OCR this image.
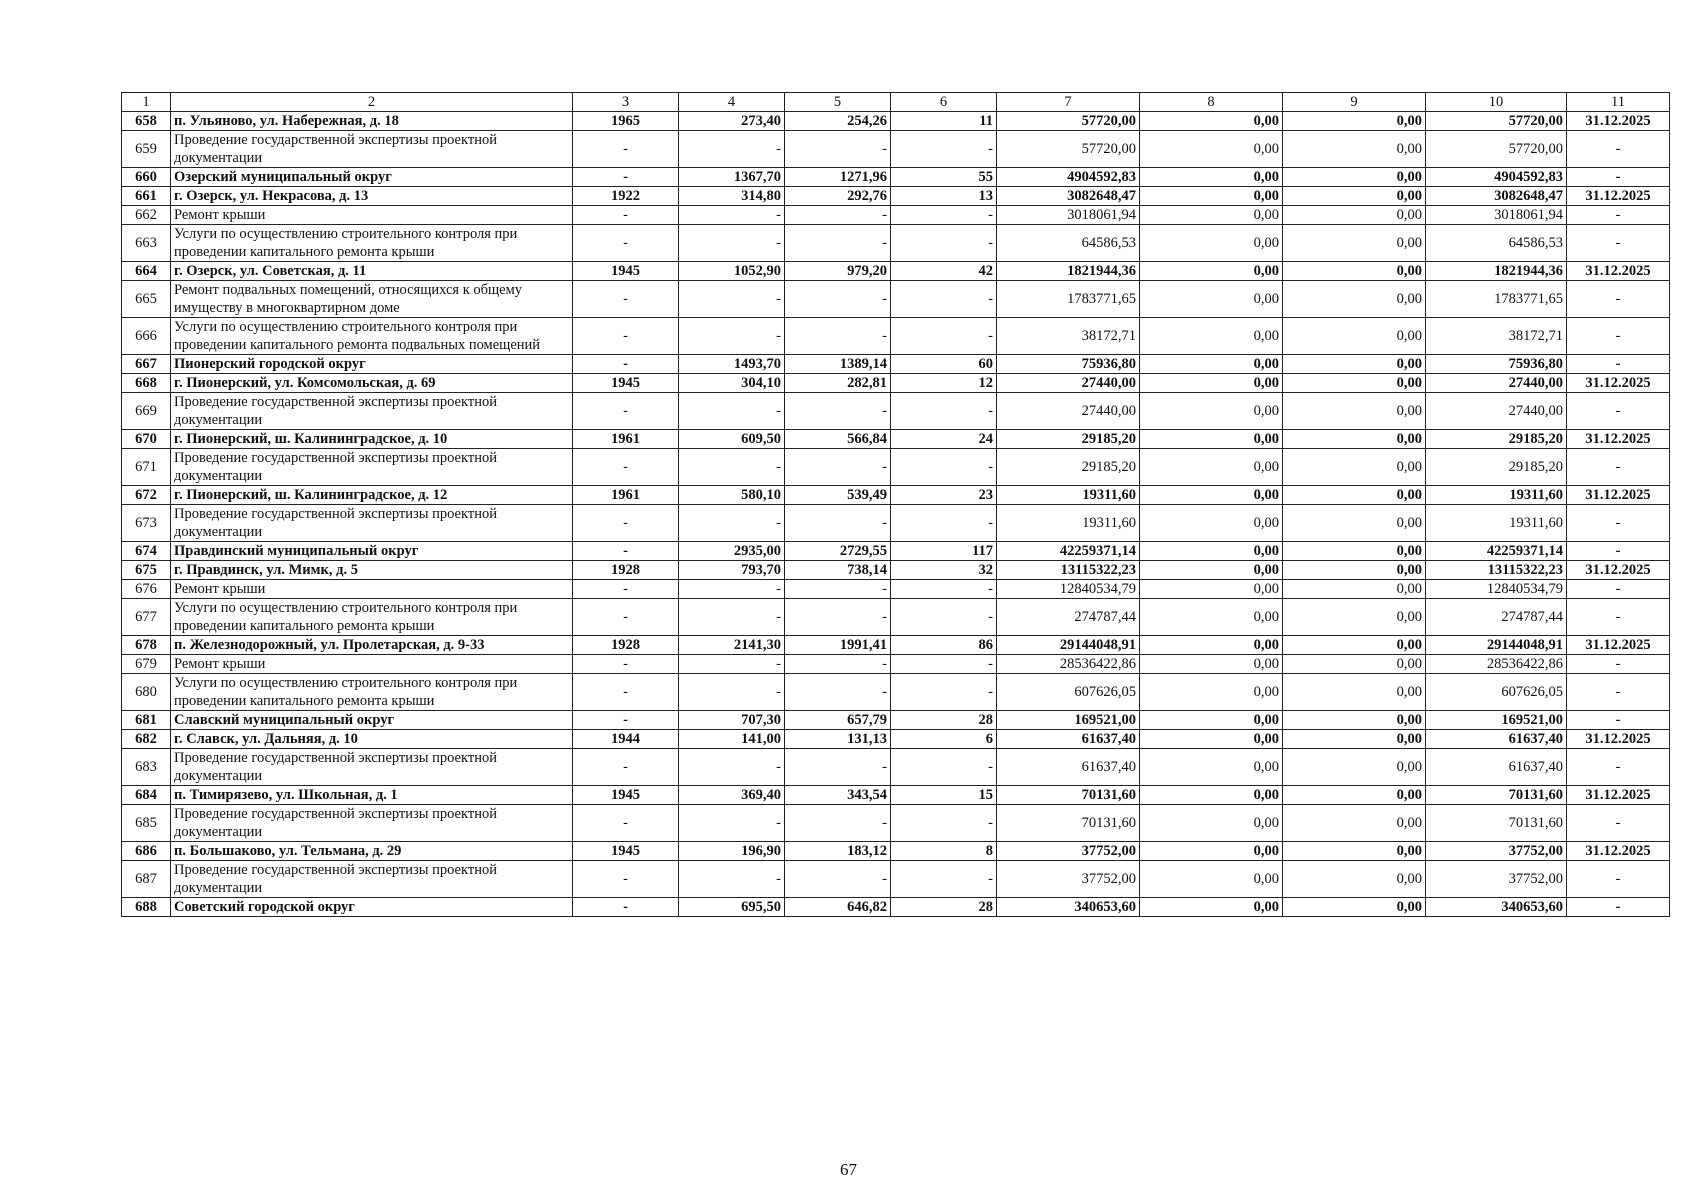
1	2	3	4	5	6	7	8	9	10	11
658	п. Ульяново, ул. Набережная, д. 18	1965	273,40	254,26	11	57720,00	0,00	0,00	57720,00	31.12.2025
659	Проведение государственной экспертизы проектной документации	-	-	-	-	57720,00	0,00	0,00	57720,00	-
660	Озерский муниципальный округ	-	1367,70	1271,96	55	4904592,83	0,00	0,00	4904592,83	-
661	г. Озерск, ул. Некрасова, д. 13	1922	314,80	292,76	13	3082648,47	0,00	0,00	3082648,47	31.12.2025
662	Ремонт крыши	-	-	-	-	3018061,94	0,00	0,00	3018061,94	-
663	Услуги по осуществлению строительного контроля при проведении капитального ремонта крыши	-	-	-	-	64586,53	0,00	0,00	64586,53	-
664	г. Озерск, ул. Советская, д. 11	1945	1052,90	979,20	42	1821944,36	0,00	0,00	1821944,36	31.12.2025
665	Ремонт подвальных помещений, относящихся к общему имуществу в многоквартирном доме	-	-	-	-	1783771,65	0,00	0,00	1783771,65	-
666	Услуги по осуществлению строительного контроля при проведении капитального ремонта подвальных помещений	-	-	-	-	38172,71	0,00	0,00	38172,71	-
667	Пионерский городской округ	-	1493,70	1389,14	60	75936,80	0,00	0,00	75936,80	-
668	г. Пионерский, ул. Комсомольская, д. 69	1945	304,10	282,81	12	27440,00	0,00	0,00	27440,00	31.12.2025
669	Проведение государственной экспертизы проектной документации	-	-	-	-	27440,00	0,00	0,00	27440,00	-
670	г. Пионерский, ш. Калининградское, д. 10	1961	609,50	566,84	24	29185,20	0,00	0,00	29185,20	31.12.2025
671	Проведение государственной экспертизы проектной документации	-	-	-	-	29185,20	0,00	0,00	29185,20	-
672	г. Пионерский, ш. Калининградское, д. 12	1961	580,10	539,49	23	19311,60	0,00	0,00	19311,60	31.12.2025
673	Проведение государственной экспертизы проектной документации	-	-	-	-	19311,60	0,00	0,00	19311,60	-
674	Правдинский муниципальный округ	-	2935,00	2729,55	117	42259371,14	0,00	0,00	42259371,14	-
675	г. Правдинск, ул. Мимк, д. 5	1928	793,70	738,14	32	13115322,23	0,00	0,00	13115322,23	31.12.2025
676	Ремонт крыши	-	-	-	-	12840534,79	0,00	0,00	12840534,79	-
677	Услуги по осуществлению строительного контроля при проведении капитального ремонта крыши	-	-	-	-	274787,44	0,00	0,00	274787,44	-
678	п. Железнодорожный, ул. Пролетарская, д. 9-33	1928	2141,30	1991,41	86	29144048,91	0,00	0,00	29144048,91	31.12.2025
679	Ремонт крыши	-	-	-	-	28536422,86	0,00	0,00	28536422,86	-
680	Услуги по осуществлению строительного контроля при проведении капитального ремонта крыши	-	-	-	-	607626,05	0,00	0,00	607626,05	-
681	Славский муниципальный округ	-	707,30	657,79	28	169521,00	0,00	0,00	169521,00	-
682	г. Славск, ул. Дальняя, д. 10	1944	141,00	131,13	6	61637,40	0,00	0,00	61637,40	31.12.2025
683	Проведение государственной экспертизы проектной документации	-	-	-	-	61637,40	0,00	0,00	61637,40	-
684	п. Тимирязево, ул. Школьная, д. 1	1945	369,40	343,54	15	70131,60	0,00	0,00	70131,60	31.12.2025
685	Проведение государственной экспертизы проектной документации	-	-	-	-	70131,60	0,00	0,00	70131,60	-
686	п. Большаково, ул. Тельмана, д. 29	1945	196,90	183,12	8	37752,00	0,00	0,00	37752,00	31.12.2025
687	Проведение государственной экспертизы проектной документации	-	-	-	-	37752,00	0,00	0,00	37752,00	-
688	Советский городской округ	-	695,50	646,82	28	340653,60	0,00	0,00	340653,60	-
67
